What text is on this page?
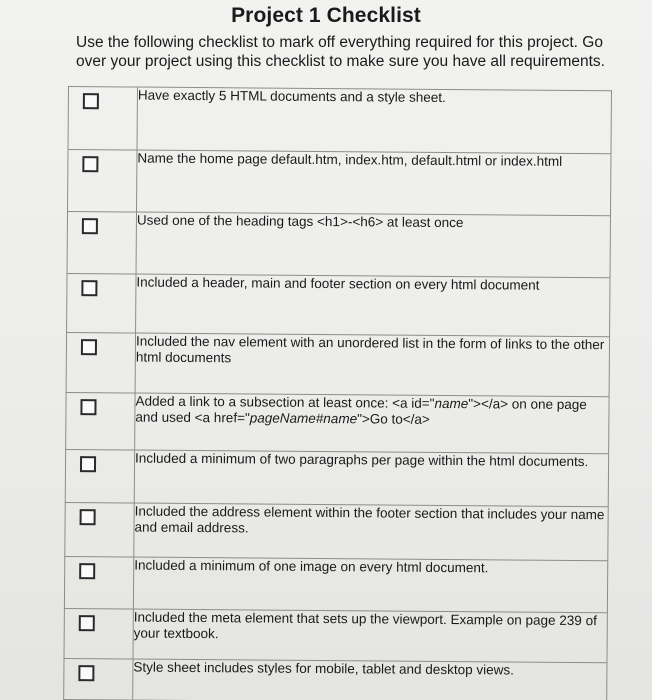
Project 1 Checklist
Use the following checklist to mark off everything required for this project. Go over your project using this checklist to make sure you have all requirements.
	Have exactly 5 HTML documents and a style sheet.

	Name the home page default.htm, index.htm, default.html or index.html

	Used one of the heading tags <h1>-<h6> at least once

	Included a header, main and footer section on every html document

	Included the nav element with an unordered list in the form of links to the other html documents

	Added a link to a subsection at least once: <a id="name"></a> on one page and used <a href="pageName#name">Go to</a>

	Included a minimum of two paragraphs per page within the html documents.

	Included the address element within the footer section that includes your name and email address.

	Included a minimum of one image on every html document.

	Included the meta element that sets up the viewport. Example on page 239 of your textbook.

	Style sheet includes styles for mobile, tablet and desktop views.
